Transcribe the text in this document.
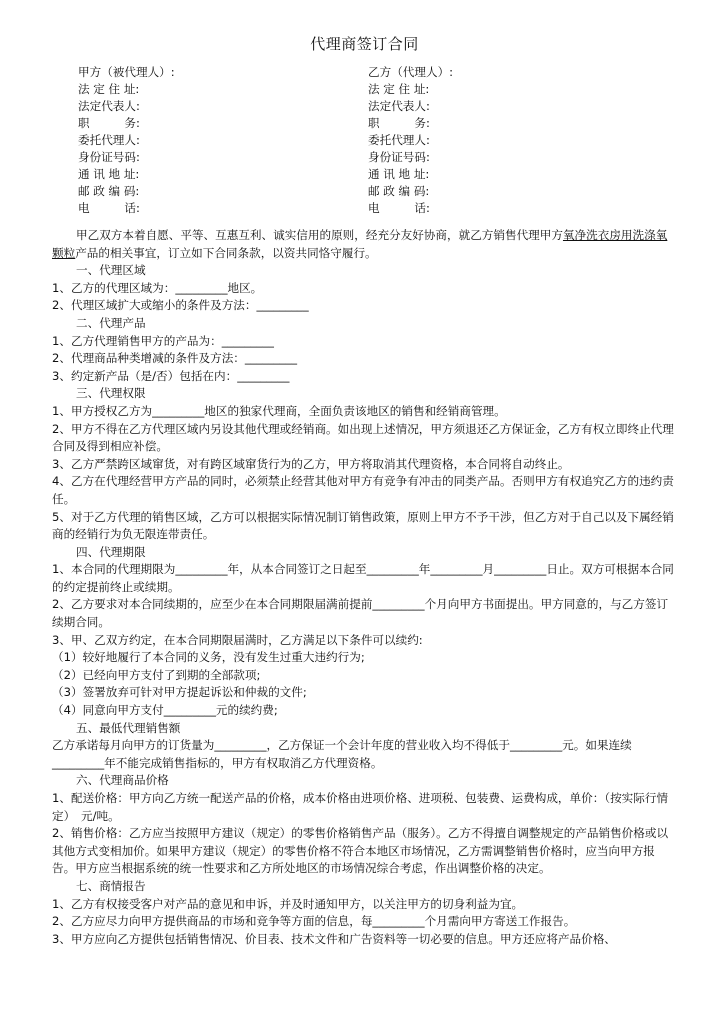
代理商签订合同
甲方（被代理人）:
法 定 住 址:
法定代表人:
职　　　务:
委托代理人:
身份证号码:
通 讯 地 址:
邮 政 编 码:
电　　　话:
乙方（代理人）:
法 定 住 址:
法定代表人:
职　　　务:
委托代理人:
身份证号码:
通 讯 地 址:
邮 政 编 码:
电　　　话:

甲乙双方本着自愿、平等、互惠互利、诚实信用的原则，经充分友好协商，就乙方销售代理甲方氧净洗衣房用洗涤氧颗粒产品的相关事宜，订立如下合同条款，以资共同恪守履行。

一、代理区域

1、乙方的代理区域为：_________地区。

2、代理区域扩大或缩小的条件及方法：_________

二、代理产品

1、乙方代理销售甲方的产品为：_________

2、代理商品种类增减的条件及方法：_________

3、约定新产品（是/否）包括在内：_________

三、代理权限

1、甲方授权乙方为_________地区的独家代理商，全面负责该地区的销售和经销商管理。

2、甲方不得在乙方代理区域内另设其他代理或经销商。如出现上述情况，甲方须退还乙方保证金，乙方有权立即终止代理合同及得到相应补偿。

3、乙方严禁跨区域窜货，对有跨区域窜货行为的乙方，甲方将取消其代理资格，本合同将自动终止。

4、乙方在代理经营甲方产品的同时，必须禁止经营其他对甲方有竞争有冲击的同类产品。否则甲方有权追究乙方的违约责任。

5、对于乙方代理的销售区域，乙方可以根据实际情况制订销售政策，原则上甲方不予干涉，但乙方对于自己以及下属经销商的经销行为负无限连带责任。

四、代理期限

1、本合同的代理期限为_________年，从本合同签订之日起至_________年_________月_________日止。双方可根据本合同的约定提前终止或续期。

2、乙方要求对本合同续期的，应至少在本合同期限届满前提前_________个月向甲方书面提出。甲方同意的，与乙方签订续期合同。

3、甲、乙双方约定，在本合同期限届满时，乙方满足以下条件可以续约:

（1）较好地履行了本合同的义务，没有发生过重大违约行为;

（2）已经向甲方支付了到期的全部款项;

（3）签署放弃可针对甲方提起诉讼和仲裁的文件;

（4）同意向甲方支付_________元的续约费;

五、最低代理销售额

乙方承诺每月向甲方的订货量为_________，乙方保证一个会计年度的营业收入均不得低于_________元。如果连续_________年不能完成销售指标的，甲方有权取消乙方代理资格。

六、代理商品价格

1、配送价格：甲方向乙方统一配送产品的价格，成本价格由进项价格、进项税、包装费、运费构成，单价：（按实际行情定）　元/吨。

2、销售价格：乙方应当按照甲方建议（规定）的零售价格销售产品（服务）。乙方不得擅自调整规定的产品销售价格或以其他方式变相加价。如果甲方建议（规定）的零售价格不符合本地区市场情况，乙方需调整销售价格时，应当向甲方报告。甲方应当根据系统的统一性要求和乙方所处地区的市场情况综合考虑，作出调整价格的决定。

七、商情报告

1、乙方有权接受客户对产品的意见和申诉，并及时通知甲方，以关注甲方的切身利益为宜。

2、乙方应尽力向甲方提供商品的市场和竞争等方面的信息，每_________个月需向甲方寄送工作报告。

3、甲方应向乙方提供包括销售情况、价目表、技术文件和广告资料等一切必要的信息。甲方还应将产品价格、
